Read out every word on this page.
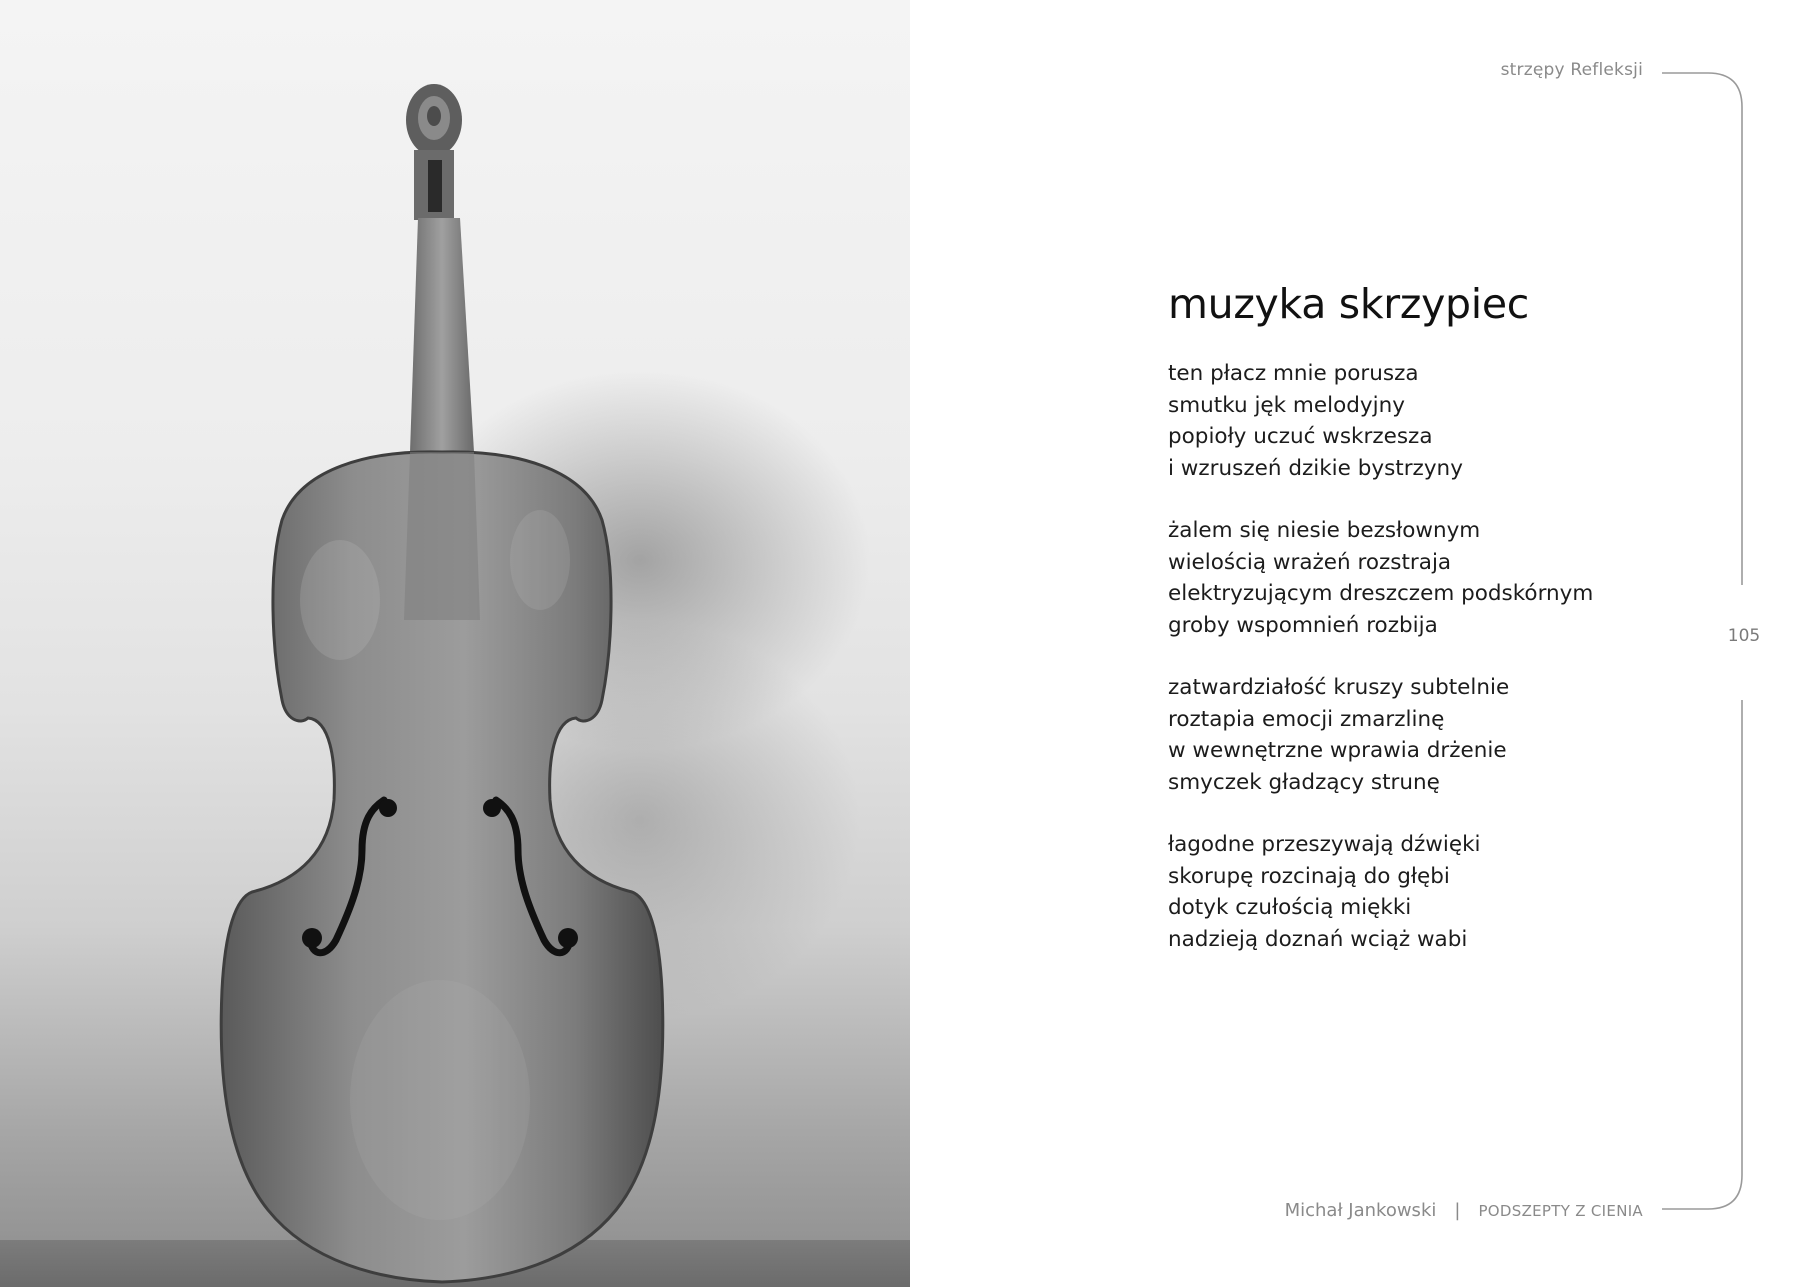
strzępy Refleksji
105
muzyka skrzypiec
ten płacz mnie porusza
smutku jęk melodyjny
popioły uczuć wskrzesza
i wzruszeń dzikie bystrzyny
żalem się niesie bezsłownym
wielością wrażeń rozstraja
elektryzującym dreszczem podskórnym
groby wspomnień rozbija
zatwardziałość kruszy subtelnie
roztapia emocji zmarzlinę
w wewnętrzne wprawia drżenie
smyczek gładzący strunę
łagodne przeszywają dźwięki
skorupę rozcinają do głębi
dotyk czułością miękki
nadzieją doznań wciąż wabi
Michał Jankowski | PODSZEPTY Z CIENIA
